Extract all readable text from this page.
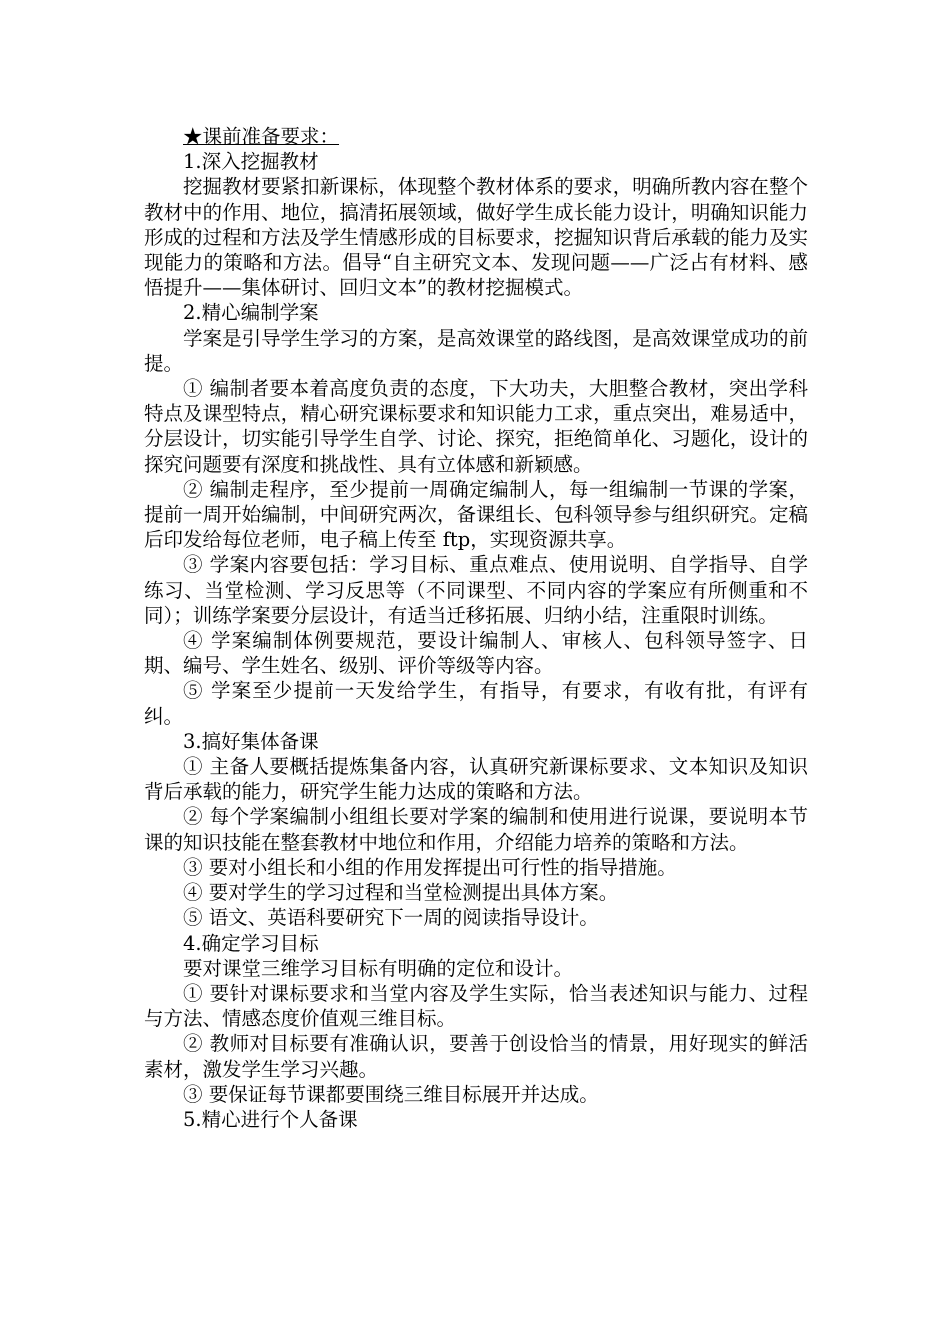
★课前准备要求：

1.深入挖掘教材

挖掘教材要紧扣新课标，体现整个教材体系的要求，明确所教内容在整个教材中的作用、地位，搞清拓展领域，做好学生成长能力设计，明确知识能力形成的过程和方法及学生情感形成的目标要求，挖掘知识背后承载的能力及实现能力的策略和方法。倡导“自主研究文本、发现问题——广泛占有材料、感悟提升——集体研讨、回归文本”的教材挖掘模式。

2.精心编制学案

学案是引导学生学习的方案，是高效课堂的路线图，是高效课堂成功的前提。

① 编制者要本着高度负责的态度，下大功夫，大胆整合教材，突出学科特点及课型特点，精心研究课标要求和知识能力工求，重点突出，难易适中，分层设计，切实能引导学生自学、讨论、探究，拒绝简单化、习题化，设计的探究问题要有深度和挑战性、具有立体感和新颖感。

② 编制走程序，至少提前一周确定编制人，每一组编制一节课的学案，提前一周开始编制，中间研究两次，备课组长、包科领导参与组织研究。定稿后印发给每位老师，电子稿上传至 ftp，实现资源共享。

③ 学案内容要包括：学习目标、重点难点、使用说明、自学指导、自学练习、当堂检测、学习反思等（不同课型、不同内容的学案应有所侧重和不同）；训练学案要分层设计，有适当迁移拓展、归纳小结，注重限时训练。

④ 学案编制体例要规范，要设计编制人、审核人、包科领导签字、日期、编号、学生姓名、级别、评价等级等内容。

⑤ 学案至少提前一天发给学生，有指导，有要求，有收有批，有评有纠。

3.搞好集体备课

① 主备人要概括提炼集备内容，认真研究新课标要求、文本知识及知识背后承载的能力，研究学生能力达成的策略和方法。

② 每个学案编制小组组长要对学案的编制和使用进行说课，要说明本节课的知识技能在整套教材中地位和作用，介绍能力培养的策略和方法。

③ 要对小组长和小组的作用发挥提出可行性的指导措施。

④ 要对学生的学习过程和当堂检测提出具体方案。

⑤ 语文、英语科要研究下一周的阅读指导设计。

4.确定学习目标

要对课堂三维学习目标有明确的定位和设计。

① 要针对课标要求和当堂内容及学生实际，恰当表述知识与能力、过程与方法、情感态度价值观三维目标。

② 教师对目标要有准确认识，要善于创设恰当的情景，用好现实的鲜活素材，激发学生学习兴趣。

③ 要保证每节课都要围绕三维目标展开并达成。

5.精心进行个人备课
